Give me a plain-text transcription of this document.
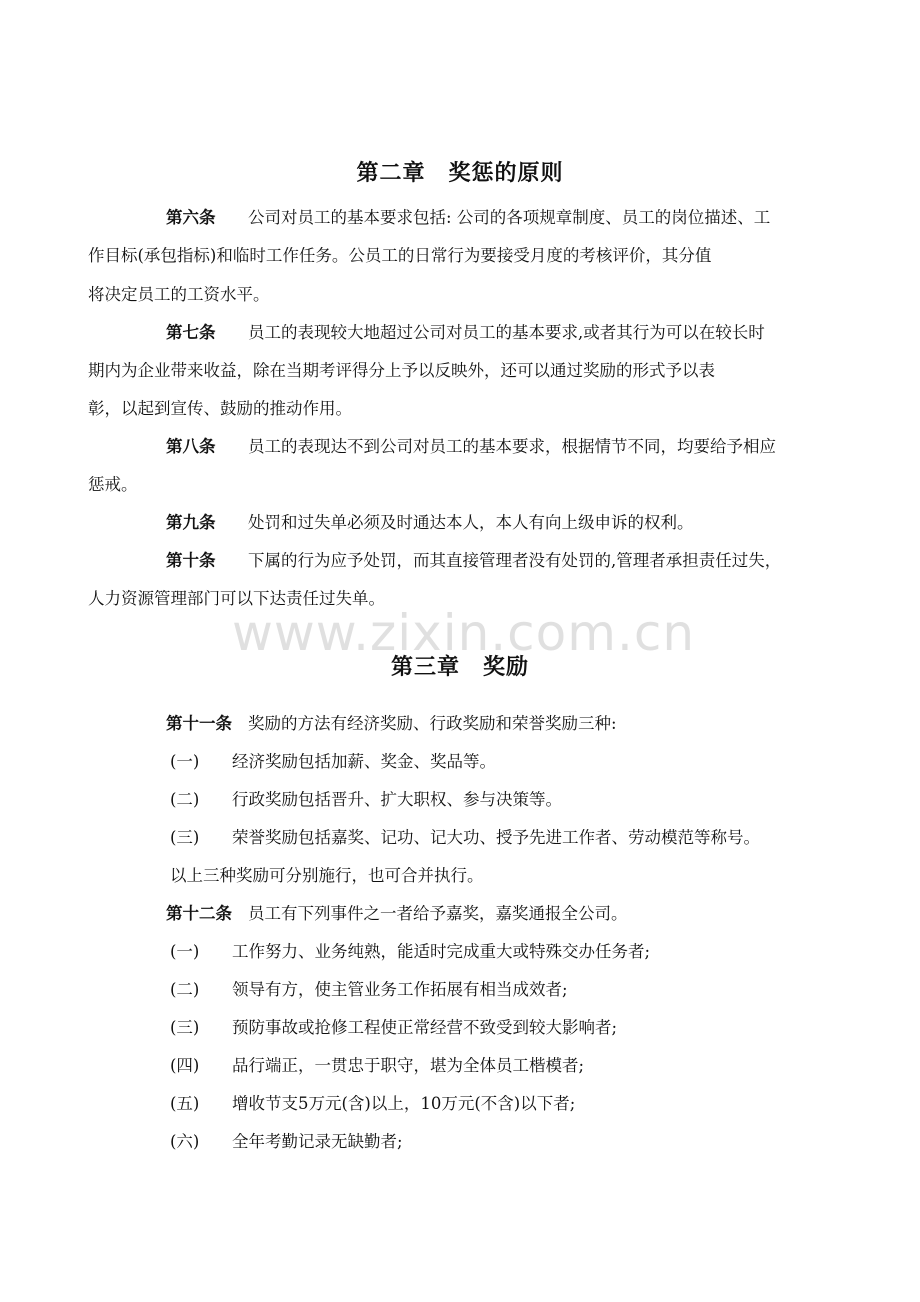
www.zixin.com.cn
第二章　奖惩的原则
第六条 公司对员工的基本要求包括: 公司的各项规章制度、员工的岗位描述、工
作目标(承包指标)和临时工作任务。公员工的日常行为要接受月度的考核评价，其分值
将决定员工的工资水平。
第七条 员工的表现较大地超过公司对员工的基本要求,或者其行为可以在较长时
期内为企业带来收益，除在当期考评得分上予以反映外，还可以通过奖励的形式予以表
彰，以起到宣传、鼓励的推动作用。
第八条 员工的表现达不到公司对员工的基本要求，根据情节不同，均要给予相应
惩戒。
第九条 处罚和过失单必须及时通达本人，本人有向上级申诉的权利。
第十条 下属的行为应予处罚，而其直接管理者没有处罚的,管理者承担责任过失，
人力资源管理部门可以下达责任过失单。
第三章　奖励
第十一条 奖励的方法有经济奖励、行政奖励和荣誉奖励三种:
(一) 经济奖励包括加薪、奖金、奖品等。
(二) 行政奖励包括晋升、扩大职权、参与决策等。
(三) 荣誉奖励包括嘉奖、记功、记大功、授予先进工作者、劳动模范等称号。
以上三种奖励可分别施行，也可合并执行。
第十二条 员工有下列事件之一者给予嘉奖，嘉奖通报全公司。
(一) 工作努力、业务纯熟，能适时完成重大或特殊交办任务者;
(二) 领导有方，使主管业务工作拓展有相当成效者;
(三) 预防事故或抢修工程使正常经营不致受到较大影响者;
(四) 品行端正，一贯忠于职守，堪为全体员工楷模者;
(五) 增收节支5万元(含)以上，10万元(不含)以下者;
(六) 全年考勤记录无缺勤者;
